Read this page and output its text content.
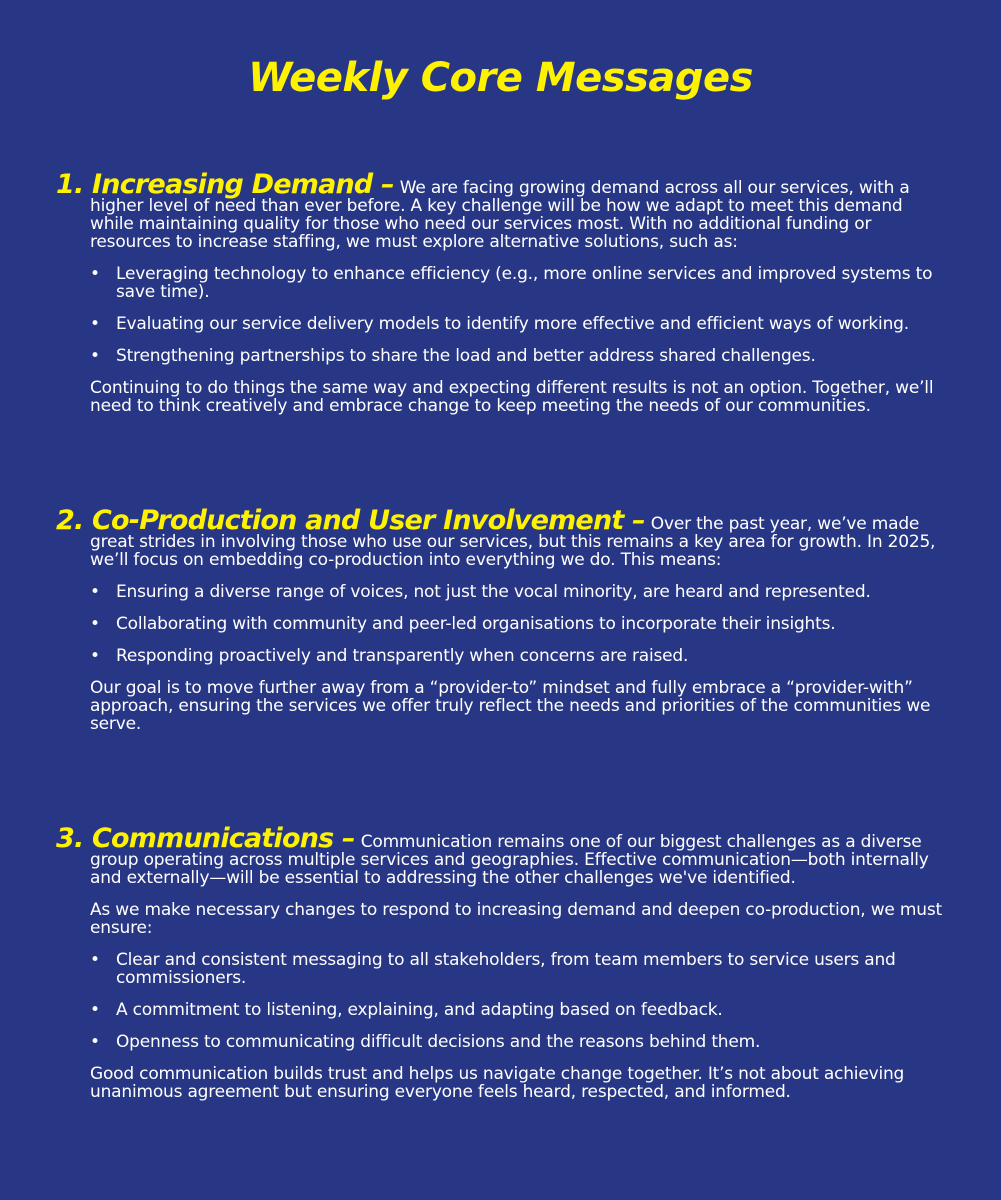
Weekly Core Messages

1. Increasing Demand – We are facing growing demand across all our services, with a higher level of need than ever before. A key challenge will be how we adapt to meet this demand while maintaining quality for those who need our services most. With no additional funding or resources to increase staffing, we must explore alternative solutions, such as:

• Leveraging technology to enhance efficiency (e.g., more online services and improved systems to save time).
• Evaluating our service delivery models to identify more effective and efficient ways of working.
• Strengthening partnerships to share the load and better address shared challenges.

Continuing to do things the same way and expecting different results is not an option. Together, we’ll need to think creatively and embrace change to keep meeting the needs of our communities.

2. Co-Production and User Involvement – Over the past year, we’ve made great strides in involving those who use our services, but this remains a key area for growth. In 2025, we’ll focus on embedding co-production into everything we do. This means:

• Ensuring a diverse range of voices, not just the vocal minority, are heard and represented.
• Collaborating with community and peer-led organisations to incorporate their insights.
• Responding proactively and transparently when concerns are raised.

Our goal is to move further away from a “provider-to” mindset and fully embrace a “provider-with” approach, ensuring the services we offer truly reflect the needs and priorities of the communities we serve.

3. Communications – Communication remains one of our biggest challenges as a diverse group operating across multiple services and geographies. Effective communication—both internally and externally—will be essential to addressing the other challenges we've identified.

As we make necessary changes to respond to increasing demand and deepen co-production, we must ensure:

• Clear and consistent messaging to all stakeholders, from team members to service users and commissioners.
• A commitment to listening, explaining, and adapting based on feedback.
• Openness to communicating difficult decisions and the reasons behind them.

Good communication builds trust and helps us navigate change together. It’s not about achieving unanimous agreement but ensuring everyone feels heard, respected, and informed.
